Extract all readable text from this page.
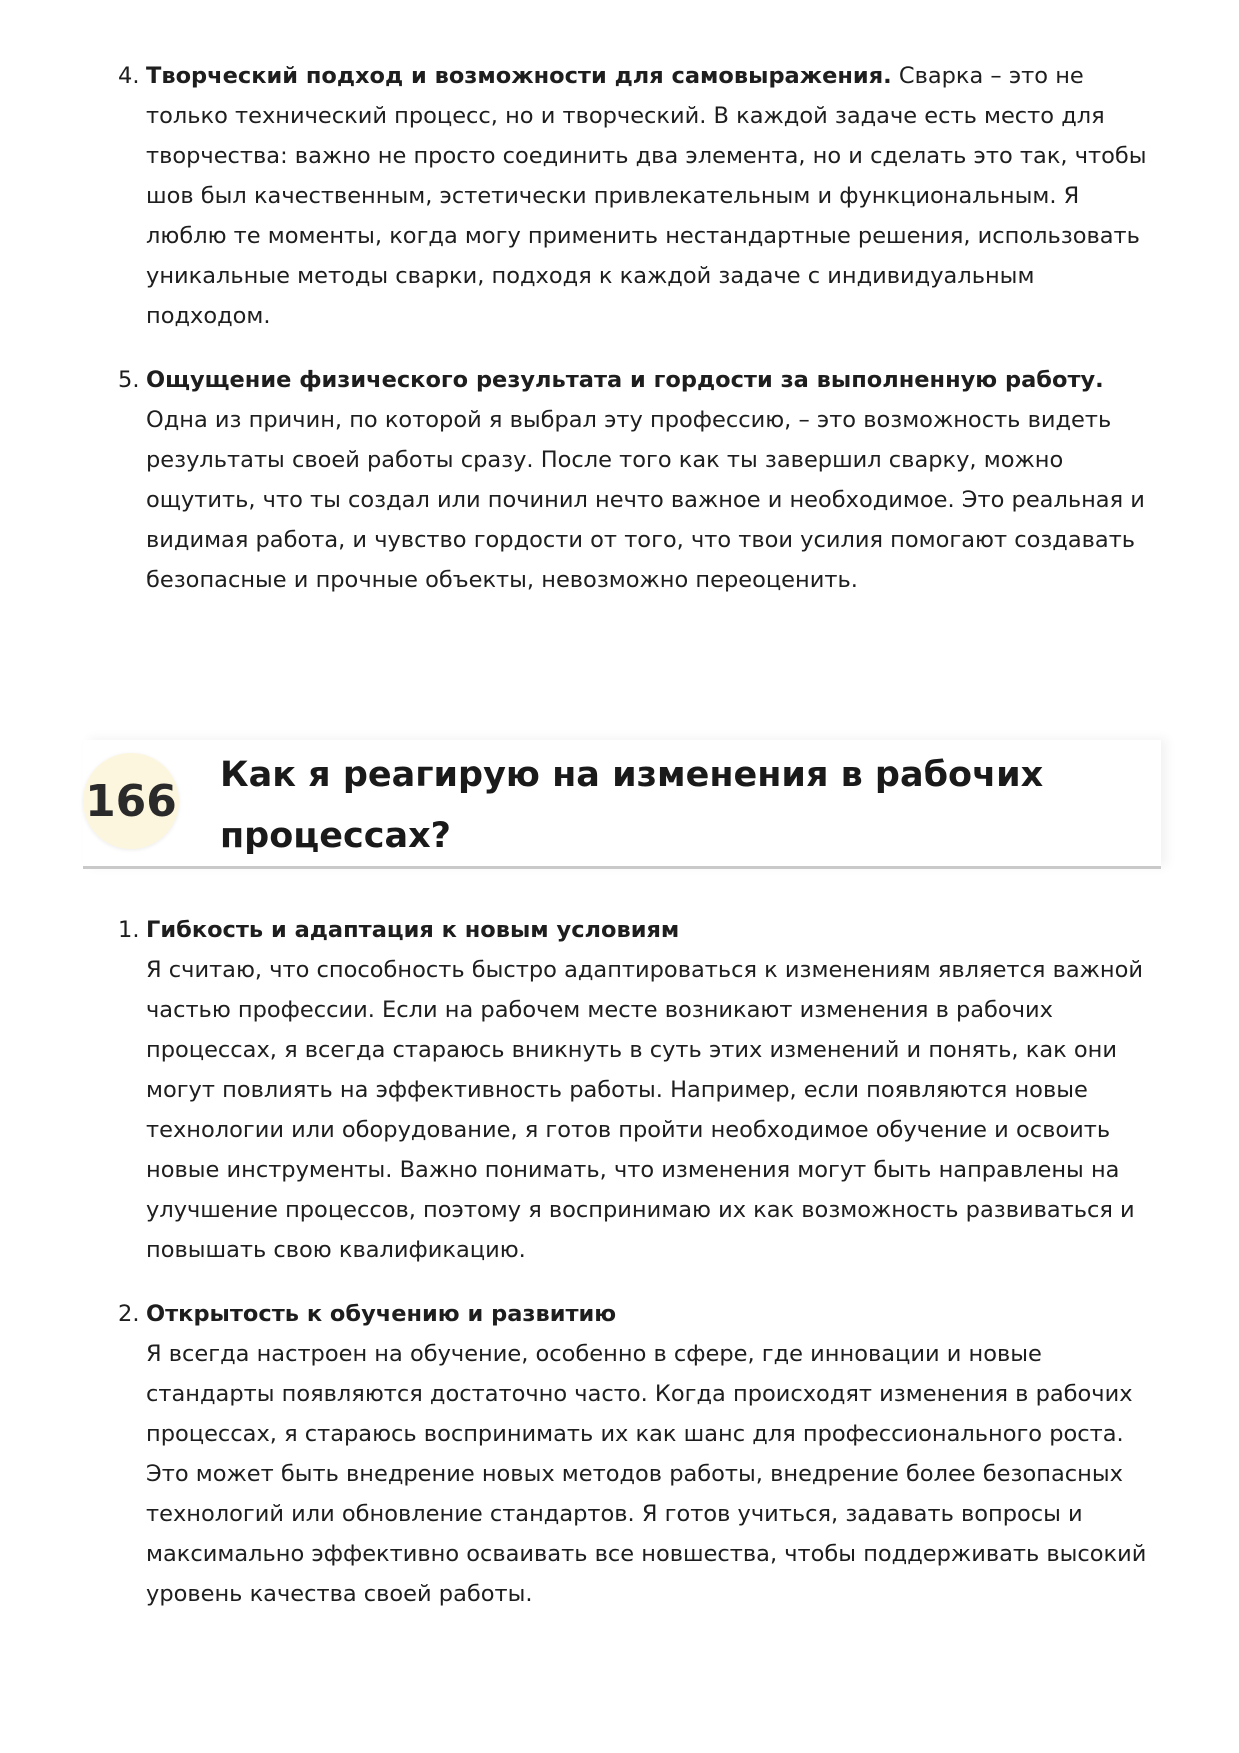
4. Творческий подход и возможности для самовыражения. Сварка – это не только технический процесс, но и творческий. В каждой задаче есть место для творчества: важно не просто соединить два элемента, но и сделать это так, чтобы шов был качественным, эстетически привлекательным и функциональным. Я люблю те моменты, когда могу применить нестандартные решения, использовать уникальные методы сварки, подходя к каждой задаче с индивидуальным подходом.
5. Ощущение физического результата и гордости за выполненную работу. Одна из причин, по которой я выбрал эту профессию, – это возможность видеть результаты своей работы сразу. После того как ты завершил сварку, можно ощутить, что ты создал или починил нечто важное и необходимое. Это реальная и видимая работа, и чувство гордости от того, что твои усилия помогают создавать безопасные и прочные объекты, невозможно переоценить.
166
Как я реагирую на изменения в рабочих процессах?
1. Гибкость и адаптация к новым условиям
Я считаю, что способность быстро адаптироваться к изменениям является важной частью профессии. Если на рабочем месте возникают изменения в рабочих процессах, я всегда стараюсь вникнуть в суть этих изменений и понять, как они могут повлиять на эффективность работы. Например, если появляются новые технологии или оборудование, я готов пройти необходимое обучение и освоить новые инструменты. Важно понимать, что изменения могут быть направлены на улучшение процессов, поэтому я воспринимаю их как возможность развиваться и повышать свою квалификацию.
2. Открытость к обучению и развитию
Я всегда настроен на обучение, особенно в сфере, где инновации и новые стандарты появляются достаточно часто. Когда происходят изменения в рабочих процессах, я стараюсь воспринимать их как шанс для профессионального роста. Это может быть внедрение новых методов работы, внедрение более безопасных технологий или обновление стандартов. Я готов учиться, задавать вопросы и максимально эффективно осваивать все новшества, чтобы поддерживать высокий уровень качества своей работы.
